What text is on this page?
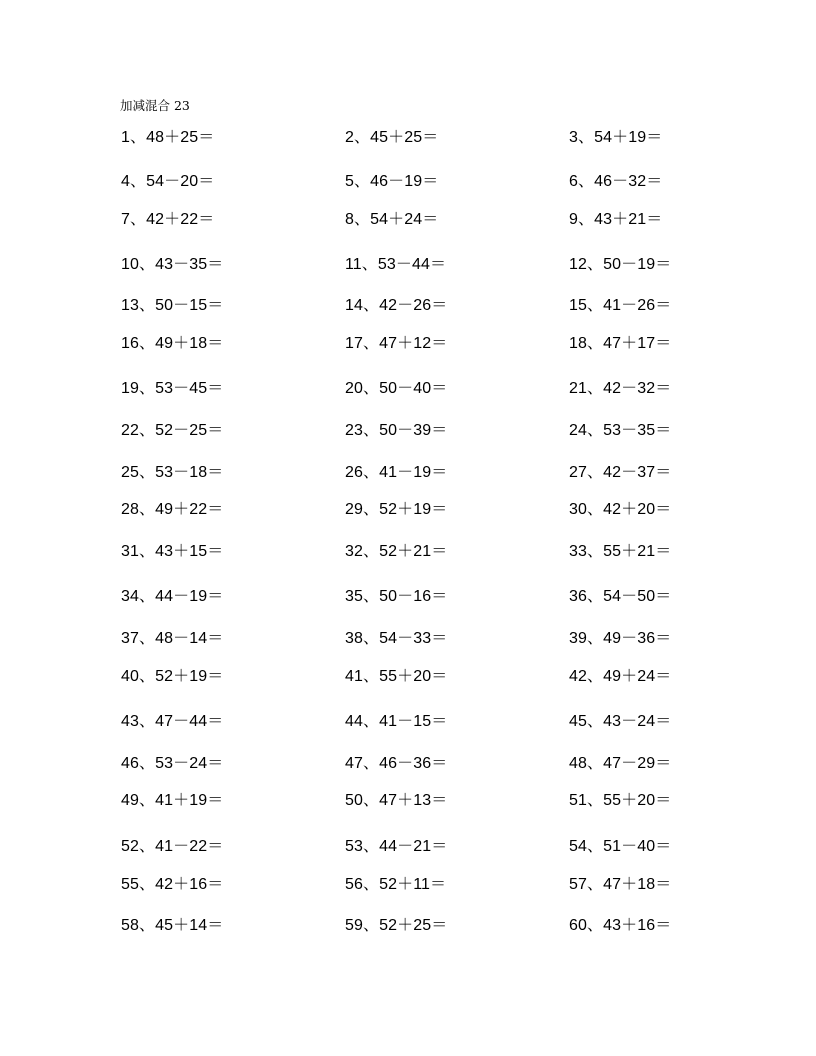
加减混合 23
1、48＋25＝	2、45＋25＝	3、54＋19＝
4、54－20＝	5、46－19＝	6、46－32＝
7、42＋22＝	8、54＋24＝	9、43＋21＝
10、43－35＝	11、53－44＝	12、50－19＝
13、50－15＝	14、42－26＝	15、41－26＝
16、49＋18＝	17、47＋12＝	18、47＋17＝
19、53－45＝	20、50－40＝	21、42－32＝
22、52－25＝	23、50－39＝	24、53－35＝
25、53－18＝	26、41－19＝	27、42－37＝
28、49＋22＝	29、52＋19＝	30、42＋20＝
31、43＋15＝	32、52＋21＝	33、55＋21＝
34、44－19＝	35、50－16＝	36、54－50＝
37、48－14＝	38、54－33＝	39、49－36＝
40、52＋19＝	41、55＋20＝	42、49＋24＝
43、47－44＝	44、41－15＝	45、43－24＝
46、53－24＝	47、46－36＝	48、47－29＝
49、41＋19＝	50、47＋13＝	51、55＋20＝
52、41－22＝	53、44－21＝	54、51－40＝
55、42＋16＝	56、52＋11＝	57、47＋18＝
58、45＋14＝	59、52＋25＝	60、43＋16＝
